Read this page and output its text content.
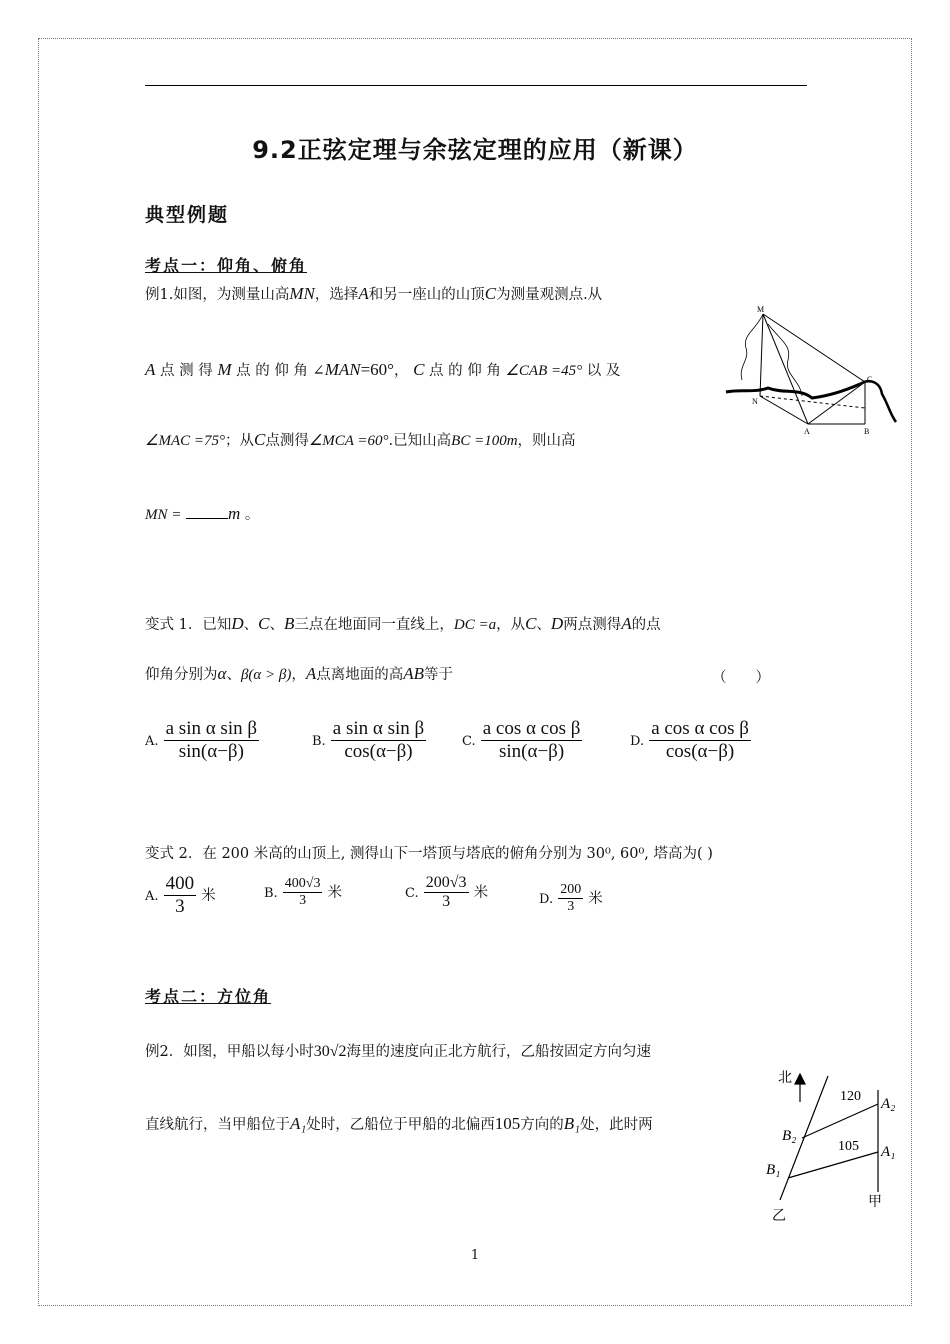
9.2正弦定理与余弦定理的应用（新课）
典型例题
考点一：仰角、俯角
例1.如图，为测量山高MN，选择A和另一座山的山顶C为测量观测点.从
A 点 测 得 M 点 的 仰 角 ∠MAN=60°， C 点 的 仰 角 ∠CAB =45° 以 及
∠MAC =75°；从C点测得∠MCA =60°.已知山高BC =100m，则山高
MN =	m 。
M
N
A	B
C
变式 1．已知D、C、B三点在地面同一直线上，DC =a，从C、D两点测得A的点
仰角分别为α、β(α > β)，A点离地面的高AB等于	（　　）
A. $\frac{\text{a sin α sin β}}{\sin(\alpha-\beta)}$	B. $\frac{\text{a sin α sin β}}{\cos(\alpha-\beta)}$	C. $\frac{\text{a cos α cos β}}{\sin(\alpha-\beta)}$	D. $\frac{\text{a cos α cos β}}{\cos(\alpha-\beta)}$
变式 2．在 200 米高的山顶上, 测得山下一塔顶与塔底的俯角分别为 30⁰, 60⁰, 塔高为( )
A. $\frac{400}{3}$ 米	B. $\frac{400√3}{3}$ 米	C. $\frac{200√3}{3}$ 米	D. $\frac{200}{3}$ 米
考点二：方位角
例2．如图，甲船以每小时30√2海里的速度向正北方航行，乙船按固定方向匀速
直线航行，当甲船位于A₁处时，乙船位于甲船的北偏西105方向的B₁处，此时两
北
120
105
A₂
A₁
B₂
B₁
乙
甲
1
